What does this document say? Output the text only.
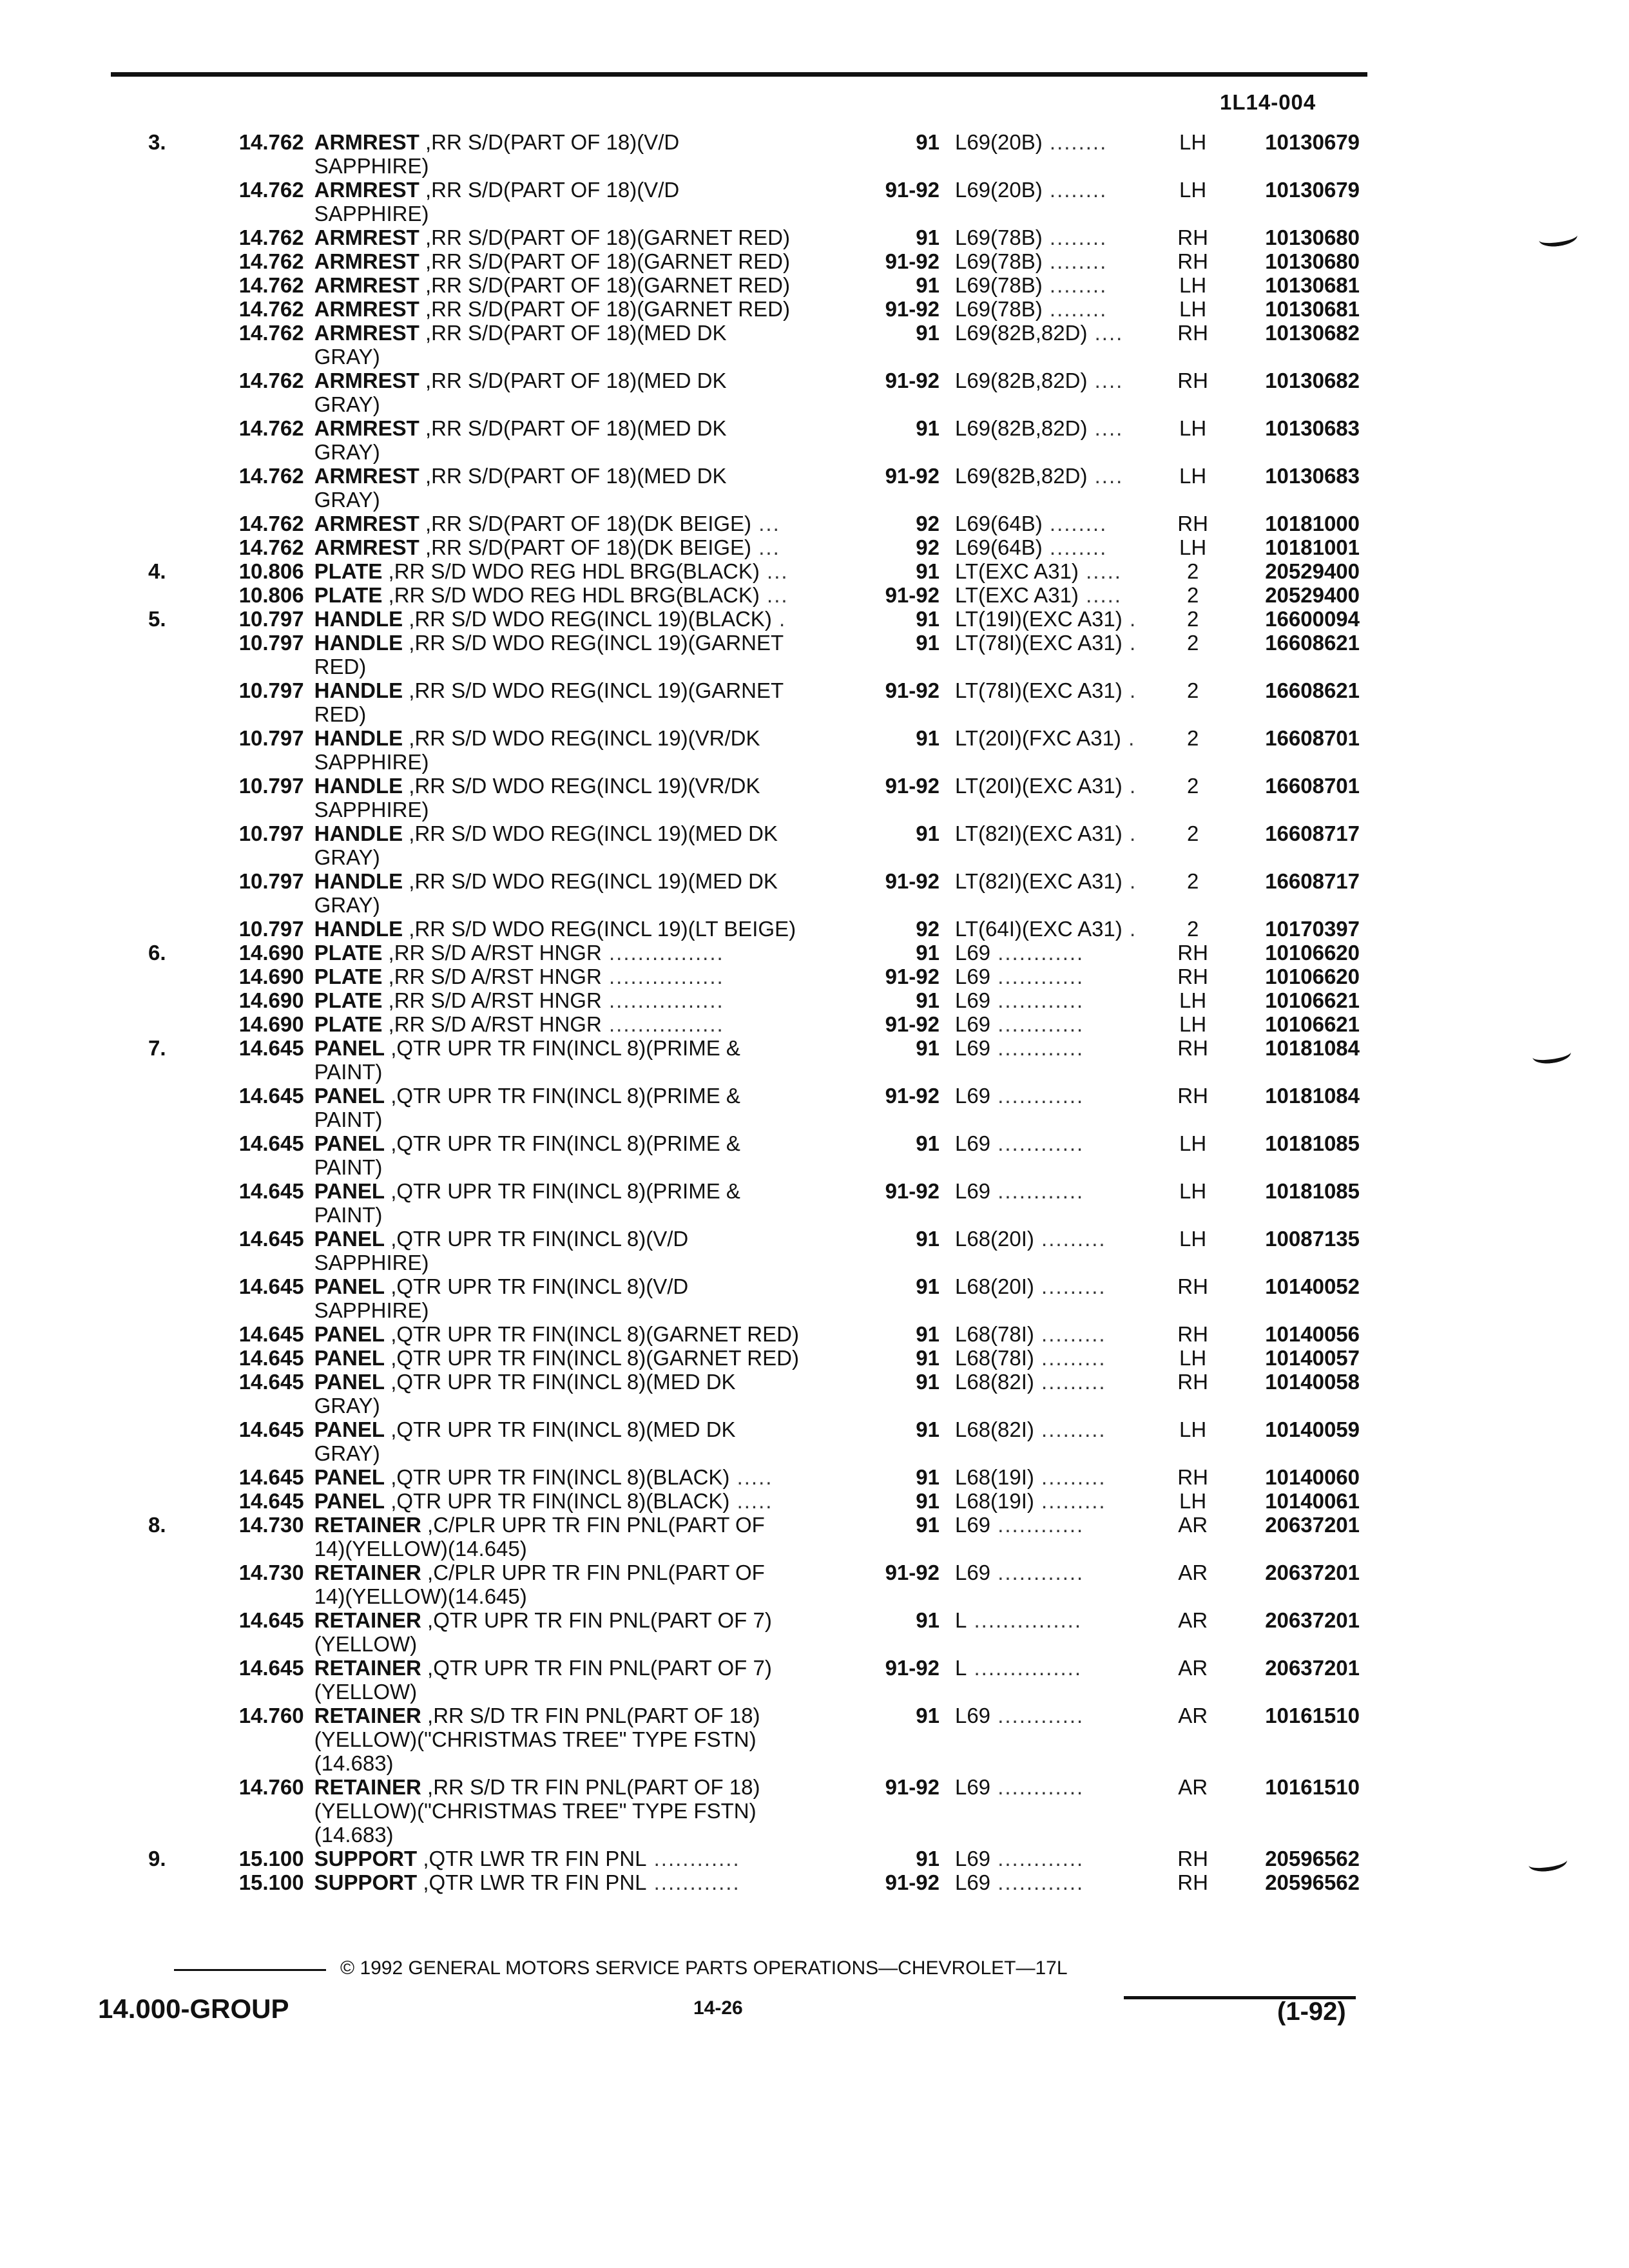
1L14-004
3.	14.762 ARMREST ,RR S/D(PART OF 18)(V/D
SAPPHIRE)
91 L69(20B) ........	LH	10130679
14.762 ARMREST ,RR S/D(PART OF 18)(V/D
SAPPHIRE)
91-92 L69(20B) ........	LH	10130679
14.762 ARMREST ,RR S/D(PART OF 18)(GARNET RED)	91 L69(78B) ........	RH	10130680
14.762 ARMREST ,RR S/D(PART OF 18)(GARNET RED)	91-92 L69(78B) ........	RH	10130680
14.762 ARMREST ,RR S/D(PART OF 18)(GARNET RED)	91 L69(78B) ........	LH	10130681
14.762 ARMREST ,RR S/D(PART OF 18)(GARNET RED)	91-92 L69(78B) ........	LH	10130681
14.762 ARMREST ,RR S/D(PART OF 18)(MED DK
GRAY)
91 L69(82B,82D) ....	RH	10130682
14.762 ARMREST ,RR S/D(PART OF 18)(MED DK
GRAY)
91-92 L69(82B,82D) ....	RH	10130682
14.762 ARMREST ,RR S/D(PART OF 18)(MED DK
GRAY)
91 L69(82B,82D) ....	LH	10130683
14.762 ARMREST ,RR S/D(PART OF 18)(MED DK
GRAY)
91-92 L69(82B,82D) ....	LH	10130683
14.762 ARMREST ,RR S/D(PART OF 18)(DK BEIGE) ...	92 L69(64B) ........	RH	10181000
14.762 ARMREST ,RR S/D(PART OF 18)(DK BEIGE) ...	92 L69(64B) ........	LH	10181001
4.	10.806 PLATE ,RR S/D WDO REG HDL BRG(BLACK) ...	91 LT(EXC A31) .....	2	20529400
10.806 PLATE ,RR S/D WDO REG HDL BRG(BLACK) ...	91-92 LT(EXC A31) .....	2	20529400
5.	10.797 HANDLE ,RR S/D WDO REG(INCL 19)(BLACK) .	91 LT(19I)(EXC A31) .	2	16600094
10.797 HANDLE ,RR S/D WDO REG(INCL 19)(GARNET
RED)
91 LT(78I)(EXC A31) .	2	16608621
10.797 HANDLE ,RR S/D WDO REG(INCL 19)(GARNET
RED)
91-92 LT(78I)(EXC A31) .	2	16608621
10.797 HANDLE ,RR S/D WDO REG(INCL 19)(VR/DK
SAPPHIRE)
91 LT(20I)(FXC A31) .	2	16608701
10.797 HANDLE ,RR S/D WDO REG(INCL 19)(VR/DK
SAPPHIRE)
91-92 LT(20I)(EXC A31) .	2	16608701
10.797 HANDLE ,RR S/D WDO REG(INCL 19)(MED DK
GRAY)
91 LT(82I)(EXC A31) .	2	16608717
10.797 HANDLE ,RR S/D WDO REG(INCL 19)(MED DK
GRAY)
91-92 LT(82I)(EXC A31) .	2	16608717
10.797 HANDLE ,RR S/D WDO REG(INCL 19)(LT BEIGE)	92 LT(64I)(EXC A31) .	2	10170397
6.	14.690 PLATE ,RR S/D A/RST HNGR ................	91 L69 ............	RH	10106620
14.690 PLATE ,RR S/D A/RST HNGR ................	91-92 L69 ............	RH	10106620
14.690 PLATE ,RR S/D A/RST HNGR ................	91 L69 ............	LH	10106621
14.690 PLATE ,RR S/D A/RST HNGR ................	91-92 L69 ............	LH	10106621
7.	14.645 PANEL ,QTR UPR TR FIN(INCL 8)(PRIME &
PAINT)
91 L69 ............	RH	10181084
14.645 PANEL ,QTR UPR TR FIN(INCL 8)(PRIME &
PAINT)
91-92 L69 ............	RH	10181084
14.645 PANEL ,QTR UPR TR FIN(INCL 8)(PRIME &
PAINT)
91 L69 ............	LH	10181085
14.645 PANEL ,QTR UPR TR FIN(INCL 8)(PRIME &
PAINT)
91-92 L69 ............	LH	10181085
14.645 PANEL ,QTR UPR TR FIN(INCL 8)(V/D
SAPPHIRE)
91 L68(20I) .........	LH	10087135
14.645 PANEL ,QTR UPR TR FIN(INCL 8)(V/D
SAPPHIRE)
91 L68(20I) .........	RH	10140052
14.645 PANEL ,QTR UPR TR FIN(INCL 8)(GARNET RED)	91 L68(78I) .........	RH	10140056
14.645 PANEL ,QTR UPR TR FIN(INCL 8)(GARNET RED)	91 L68(78I) .........	LH	10140057
14.645 PANEL ,QTR UPR TR FIN(INCL 8)(MED DK
GRAY)
91 L68(82I) .........	RH	10140058
14.645 PANEL ,QTR UPR TR FIN(INCL 8)(MED DK
GRAY)
91 L68(82I) .........	LH	10140059
14.645 PANEL ,QTR UPR TR FIN(INCL 8)(BLACK) .....	91 L68(19I) .........	RH	10140060
14.645 PANEL ,QTR UPR TR FIN(INCL 8)(BLACK) .....	91 L68(19I) .........	LH	10140061
8.	14.730 RETAINER ,C/PLR UPR TR FIN PNL(PART OF
14)(YELLOW)(14.645)
91 L69 ............	AR	20637201
14.730 RETAINER ,C/PLR UPR TR FIN PNL(PART OF
14)(YELLOW)(14.645)
91-92 L69 ............	AR	20637201
14.645 RETAINER ,QTR UPR TR FIN PNL(PART OF 7)
(YELLOW)
91 L ...............	AR	20637201
14.645 RETAINER ,QTR UPR TR FIN PNL(PART OF 7)
(YELLOW)
91-92 L ...............	AR	20637201
14.760 RETAINER ,RR S/D TR FIN PNL(PART OF 18)
(YELLOW)("CHRISTMAS TREE" TYPE FSTN)
(14.683)
91 L69 ............	AR	10161510
14.760 RETAINER ,RR S/D TR FIN PNL(PART OF 18)
(YELLOW)("CHRISTMAS TREE" TYPE FSTN)
(14.683)
91-92 L69 ............	AR	10161510
9.	15.100 SUPPORT ,QTR LWR TR FIN PNL ............	91 L69 ............	RH	20596562
15.100 SUPPORT ,QTR LWR TR FIN PNL ............	91-92 L69 ............	RH	20596562
© 1992 GENERAL MOTORS SERVICE PARTS OPERATIONS—CHEVROLET—17L
14.000-GROUP	14-26	(1-92)
